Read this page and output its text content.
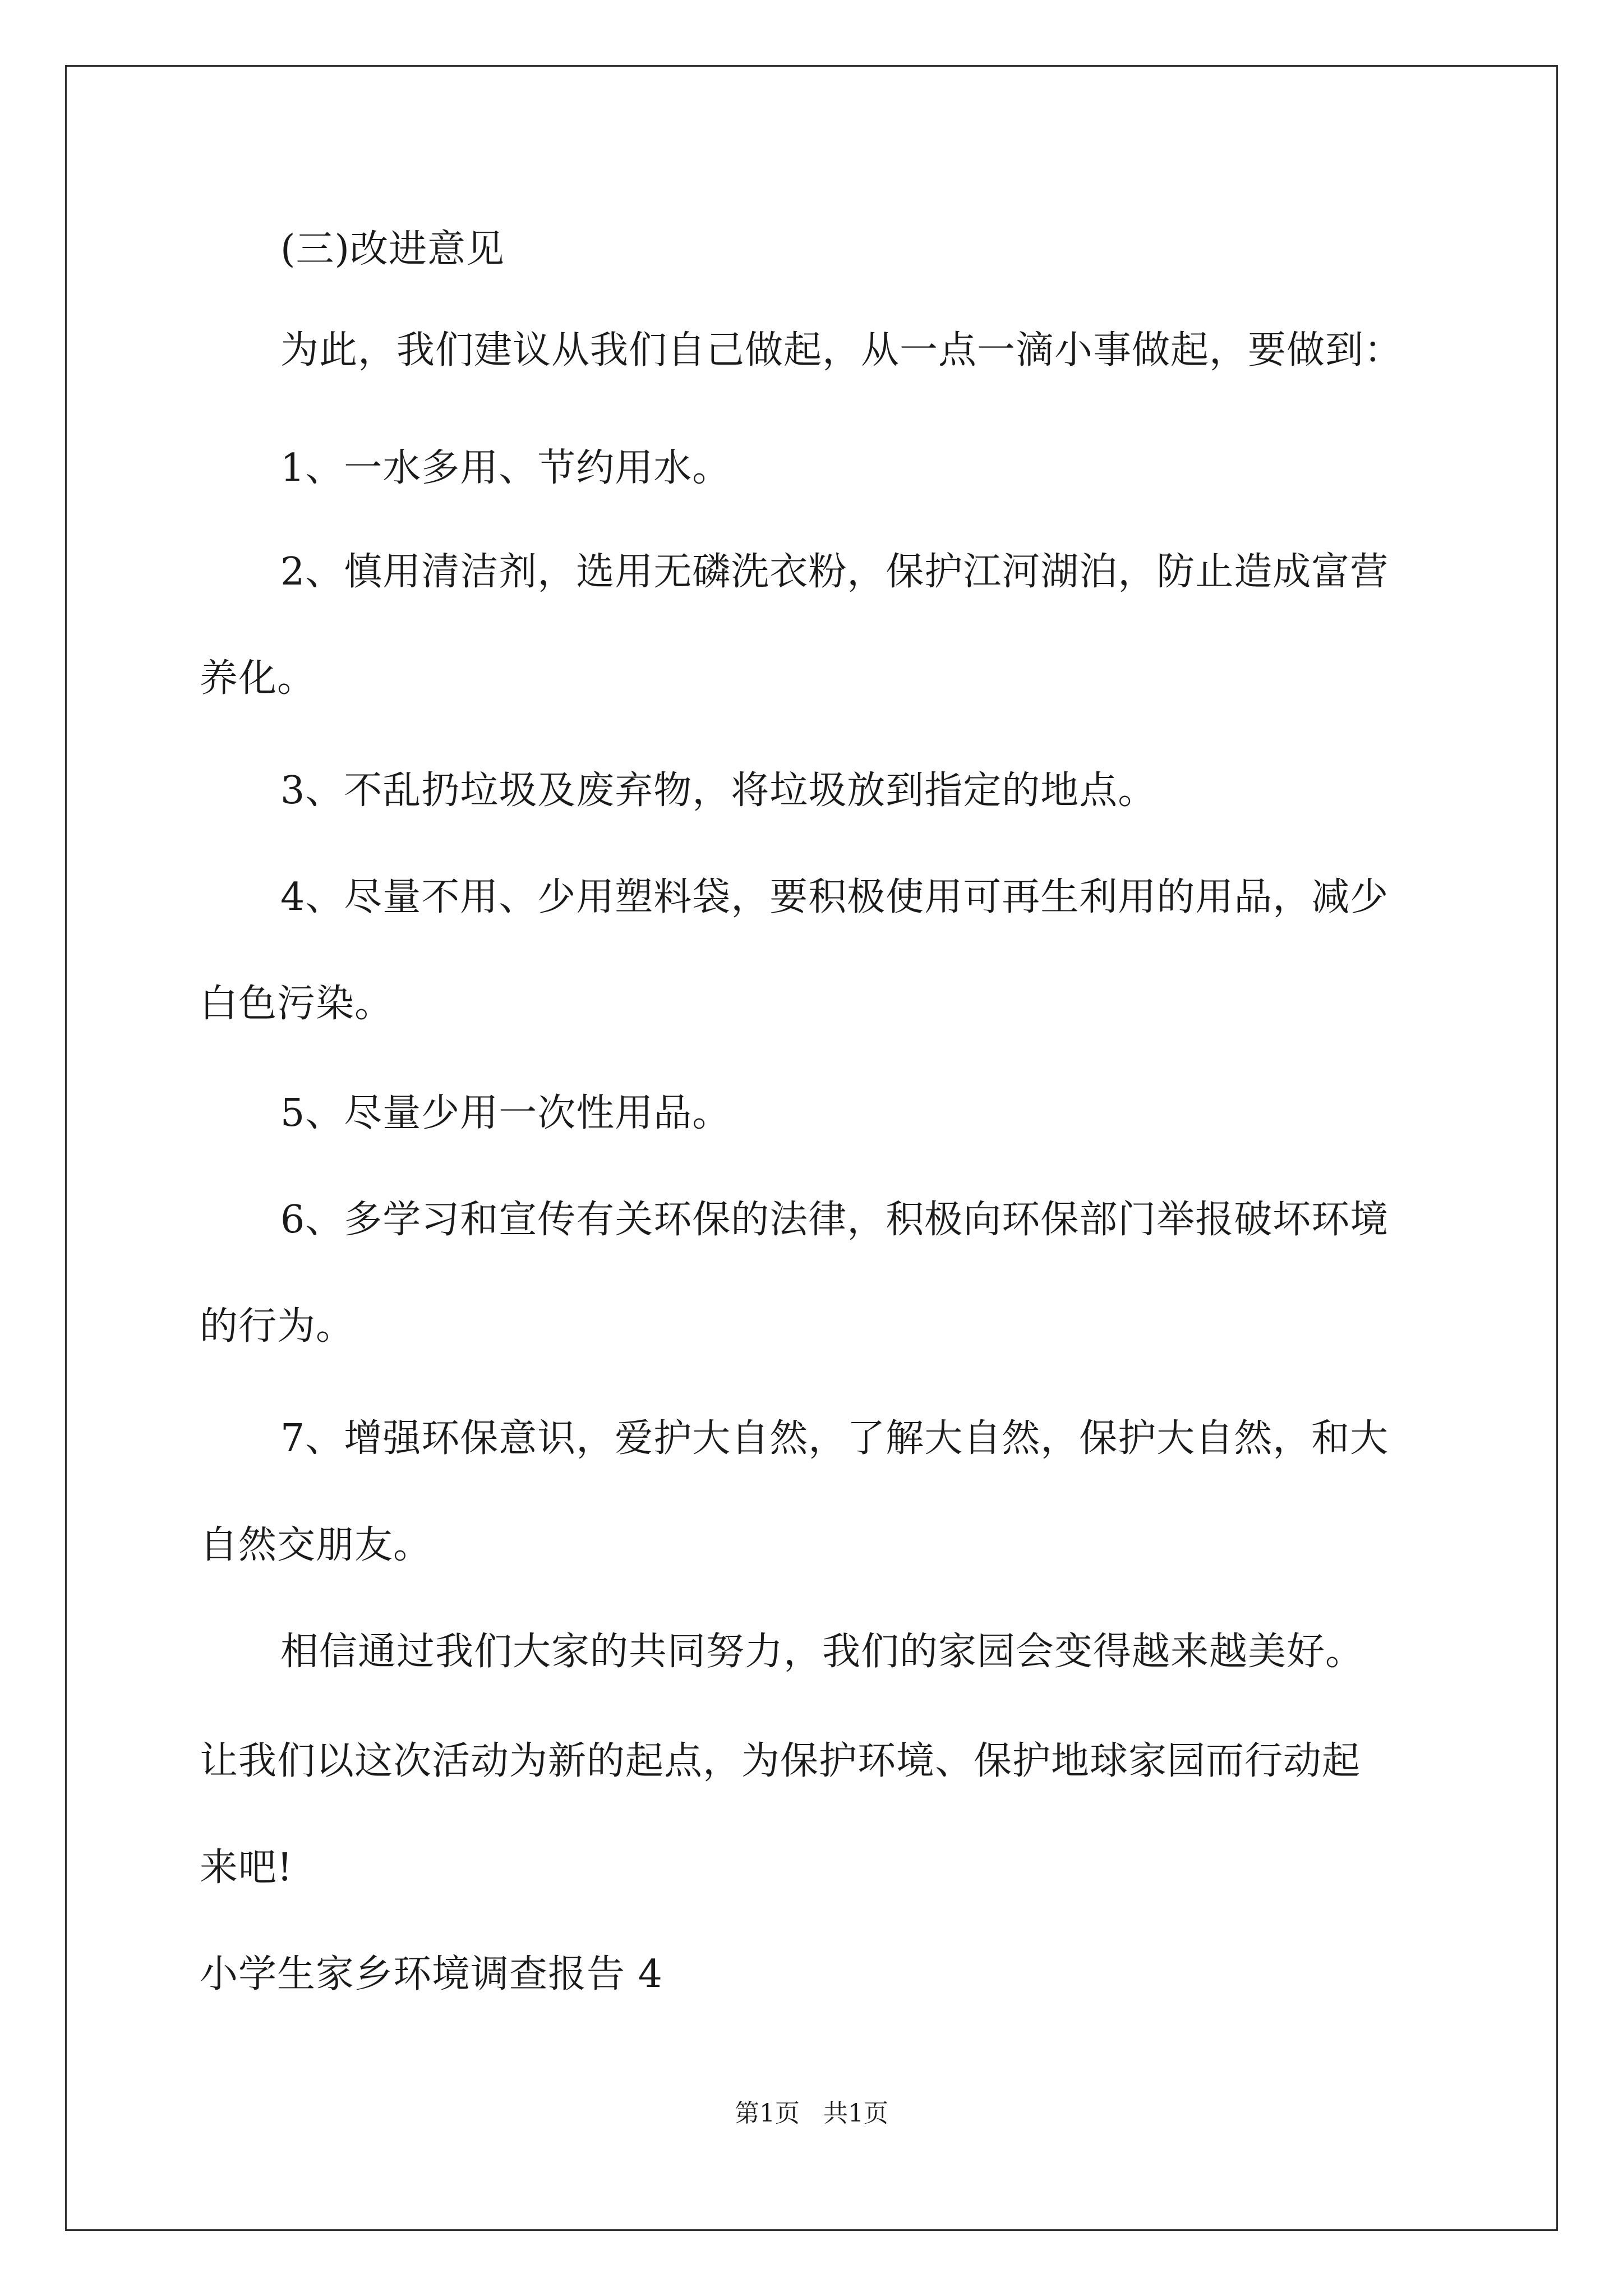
(三)改进意见
为此，我们建议从我们自己做起，从一点一滴小事做起，要做到：
1、一水多用、节约用水。
2、慎用清洁剂，选用无磷洗衣粉，保护江河湖泊，防止造成富营
养化。
3、不乱扔垃圾及废弃物，将垃圾放到指定的地点。
4、尽量不用、少用塑料袋，要积极使用可再生利用的用品，减少
白色污染。
5、尽量少用一次性用品。
6、多学习和宣传有关环保的法律，积极向环保部门举报破坏环境
的行为。
7、增强环保意识，爱护大自然，了解大自然，保护大自然，和大
自然交朋友。
相信通过我们大家的共同努力，我们的家园会变得越来越美好。
让我们以这次活动为新的起点，为保护环境、保护地球家园而行动起
来吧!
小学生家乡环境调查报告 4
第1页   共1页
